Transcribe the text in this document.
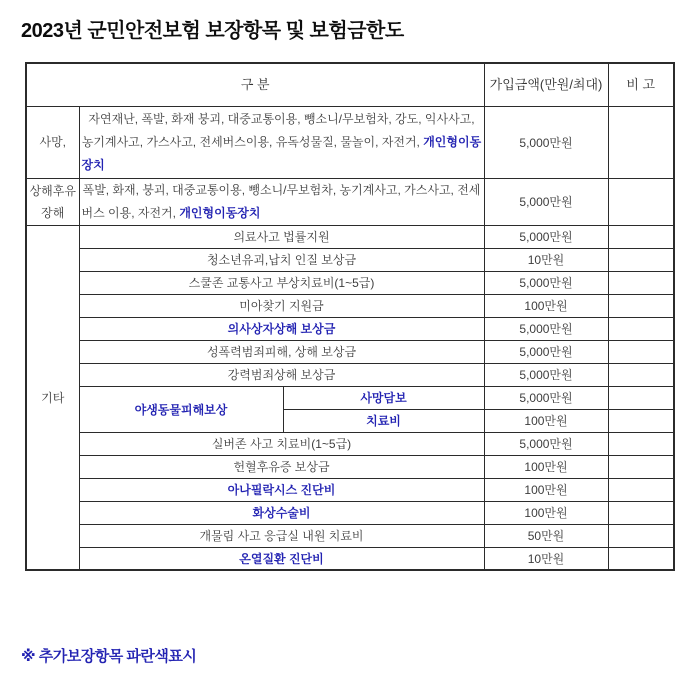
2023년 군민안전보험 보장항목 및 보험금한도
구 분			가입금액(만원/최대)	비 고
사망,	자연재난, 폭발, 화재 붕괴, 대중교통이용, 뺑소니/무보험차, 강도, 익사사고, 농기계사고, 가스사고, 전세버스이용, 유독성물질, 물놀이, 자전거, 개인형이동장치		5,000만원	
상해후유장해	폭발, 화재, 붕괴, 대중교통이용, 뺑소니/무보험차, 농기계사고, 가스사고, 전세버스 이용, 자전거, 개인형이동장치		5,000만원	
기타	의료사고 법률지원		5,000만원	
	청소년유괴,납치 인질 보상금		10만원	
	스쿨존 교통사고 부상치료비(1~5급)		5,000만원	
	미아찾기 지원금		100만원	
	의사상자상해 보상금		5,000만원	
	성폭력범죄피해, 상해 보상금		5,000만원	
	강력범죄상해 보상금		5,000만원	
	야생동물피해보상	사망담보	5,000만원	
		치료비	100만원	
	실버존 사고 치료비(1~5급)		5,000만원	
	헌혈후유증 보상금		100만원	
	아나필락시스 진단비		100만원	
	화상수술비		100만원	
	개물림 사고 응급실 내원 치료비		50만원	
	온열질환 진단비		10만원	
※ 추가보장항목 파란색표시
